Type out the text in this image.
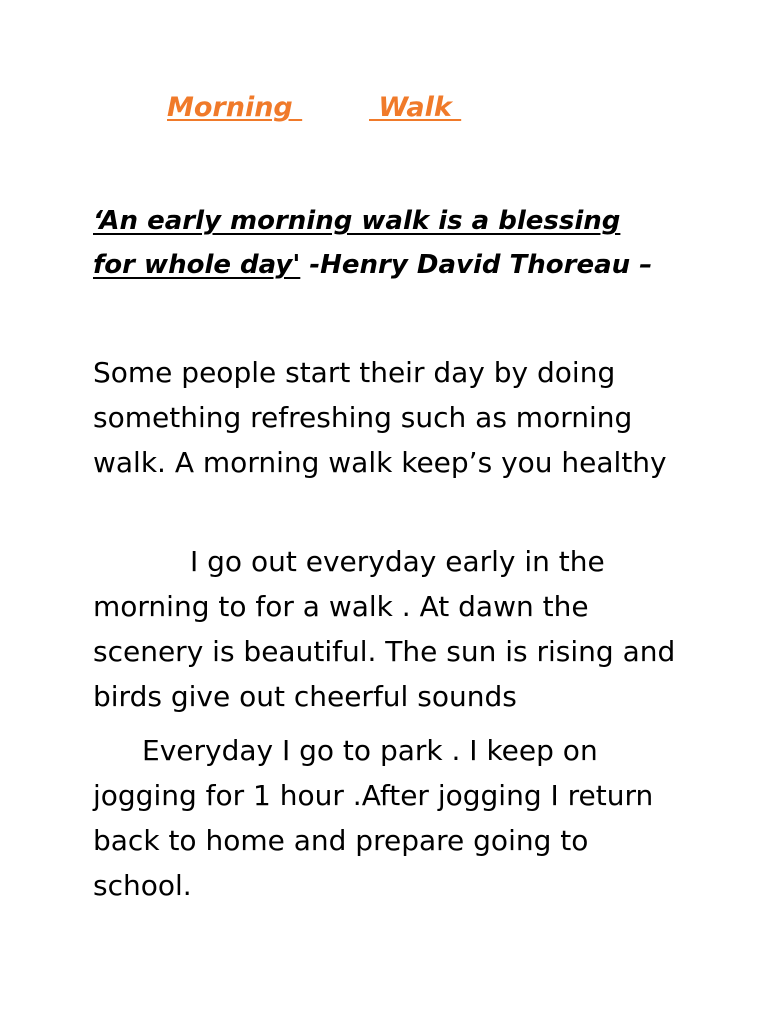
Morning Walk

‘An early morning walk is a blessing
for whole day' -Henry David Thoreau –

Some people start their day by doing something refreshing such as morning walk. A morning walk keep’s you healthy

I go out everyday early in the morning to for a walk . At dawn the scenery is beautiful. The sun is rising and birds give out cheerful sounds

Everyday I go to park . I keep on jogging for 1 hour .After jogging I return back to home and prepare going to school.
